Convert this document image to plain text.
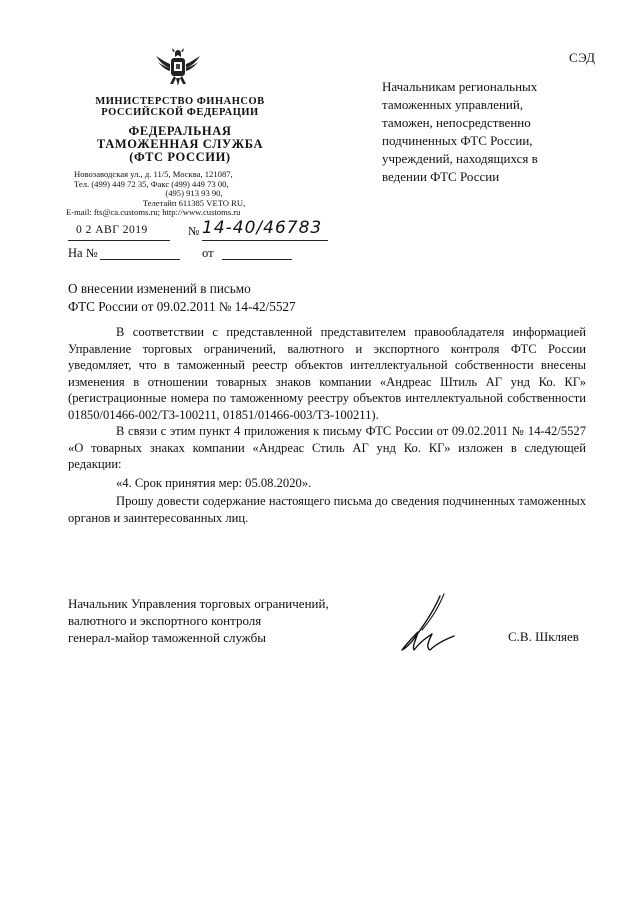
СЭД
МИНИСТЕРСТВО ФИНАНСОВ
РОССИЙСКОЙ ФЕДЕРАЦИИ
ФЕДЕРАЛЬНАЯ
ТАМОЖЕННАЯ СЛУЖБА
(ФТС РОССИИ)
Новозаводская ул., д. 11/5, Москва, 121087,
Тел. (499) 449 72 35, Факс (499) 449 73 00,
(495) 913 93 90,
Телетайп 611385 VETO RU,
E-mail: fts@ca.customs.ru; http://www.customs.ru
0 2 АВГ 2019	№ 14-40/46783
На №	от
Начальникам региональных
таможенных управлений,
таможен, непосредственно
подчиненных ФТС России,
учреждений, находящихся в
ведении ФТС России
О внесении изменений в письмо
ФТС России от 09.02.2011 № 14-42/5527

В соответствии с представленной представителем правообладателя информацией Управление торговых ограничений, валютного и экспортного контроля ФТС России уведомляет, что в таможенный реестр объектов интеллектуальной собственности внесены изменения в отношении товарных знаков компании «Андреас Штиль АГ унд Ко. КГ» (регистрационные номера по таможенному реестру объектов интеллектуальной собственности 01850/01466-002/ТЗ-100211, 01851/01466-003/ТЗ-100211).

В связи с этим пункт 4 приложения к письму ФТС России от 09.02.2011 № 14-42/5527 «О товарных знаках компании «Андреас Стиль АГ унд Ко. КГ» изложен в следующей редакции:

«4. Срок принятия мер: 05.08.2020».

Прошу довести содержание настоящего письма до сведения подчиненных таможенных органов и заинтересованных лиц.

Начальник Управления торговых ограничений,
валютного и экспортного контроля
генерал-майор таможенной службы	С.В. Шкляев
